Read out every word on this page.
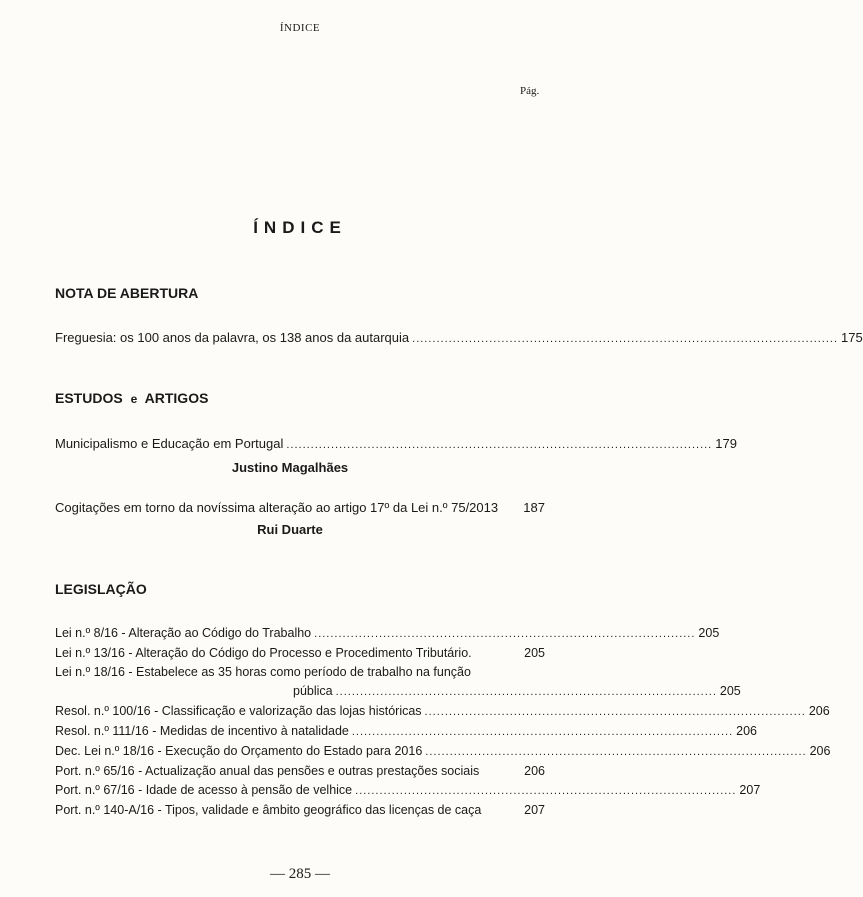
ÍNDICE
Pág.
ÍNDICE
NOTA DE ABERTURA
Freguesia: os 100 anos da palavra, os 138 anos da autarquia ......................................................................................................... 175
ESTUDOS e ARTIGOS
Municipalismo e Educação em Portugal ......................................................................................................... 179
Justino Magalhães
Cogitações em torno da novíssima alteração ao artigo 17º da Lei n.º 75/2013	187
Rui Duarte
LEGISLAÇÃO
Lei n.º 8/16 - Alteração ao Código do Trabalho .............................................................................................. 205
Lei n.º 13/16 - Alteração do Código do Processo e Procedimento Tributário.	205
Lei n.º 18/16 - Estabelece as 35 horas como período de trabalho na função
pública .............................................................................................. 205
Resol. n.º 100/16 - Classificação e valorização das lojas históricas .............................................................................................. 206
Resol. n.º 111/16 - Medidas de incentivo à natalidade .............................................................................................. 206
Dec. Lei n.º 18/16 - Execução do Orçamento do Estado para 2016 .............................................................................................. 206
Port. n.º 65/16 - Actualização anual das pensões e outras prestações sociais	206
Port. n.º 67/16 - Idade de acesso à pensão de velhice .............................................................................................. 207
Port. n.º 140-A/16 - Tipos, validade e âmbito geográfico das licenças de caça	207
— 285 —
